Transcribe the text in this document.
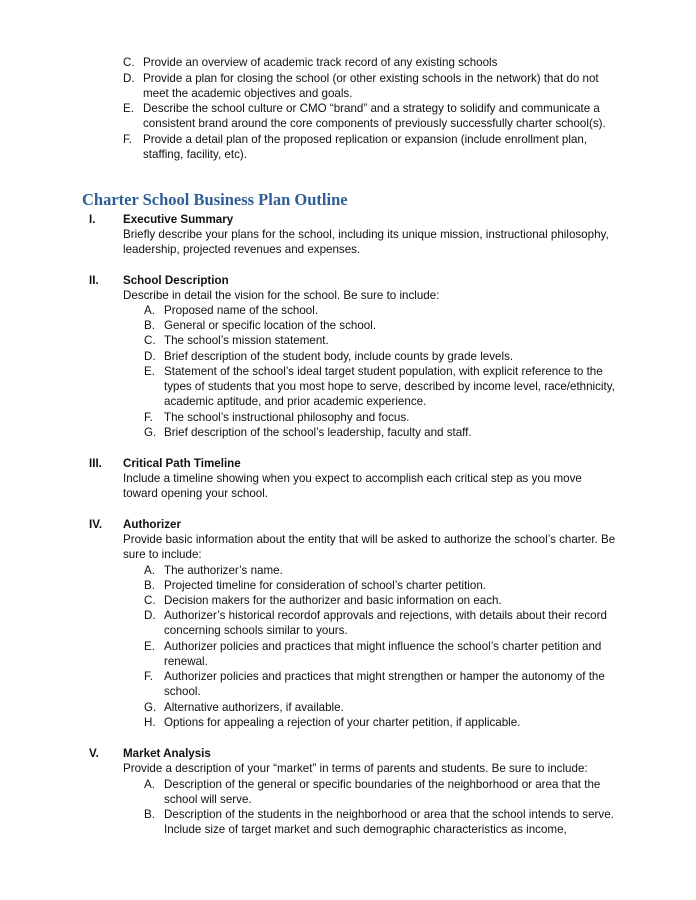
C. Provide an overview of academic track record of any existing schools
D. Provide a plan for closing the school (or other existing schools in the network) that do not meet the academic objectives and goals.
E. Describe the school culture or CMO “brand” and a strategy to solidify and communicate a consistent brand around the core components of previously successfully charter school(s).
F. Provide a detail plan of the proposed replication or expansion (include enrollment plan, staffing, facility, etc).
Charter School Business Plan Outline
I. Executive Summary
Briefly describe your plans for the school, including its unique mission, instructional philosophy, leadership, projected revenues and expenses.
II. School Description
Describe in detail the vision for the school. Be sure to include:
A. Proposed name of the school.
B. General or specific location of the school.
C. The school’s mission statement.
D. Brief description of the student body, include counts by grade levels.
E. Statement of the school’s ideal target student population, with explicit reference to the types of students that you most hope to serve, described by income level, race/ethnicity, academic aptitude, and prior academic experience.
F. The school’s instructional philosophy and focus.
G. Brief description of the school’s leadership, faculty and staff.
III. Critical Path Timeline
Include a timeline showing when you expect to accomplish each critical step as you move toward opening your school.
IV. Authorizer
Provide basic information about the entity that will be asked to authorize the school’s charter. Be sure to include:
A. The authorizer’s name.
B. Projected timeline for consideration of school’s charter petition.
C. Decision makers for the authorizer and basic information on each.
D. Authorizer’s historical recordof approvals and rejections, with details about their record concerning schools similar to yours.
E. Authorizer policies and practices that might influence the school’s charter petition and renewal.
F. Authorizer policies and practices that might strengthen or hamper the autonomy of the school.
G. Alternative authorizers, if available.
H. Options for appealing a rejection of your charter petition, if applicable.
V. Market Analysis
Provide a description of your “market” in terms of parents and students. Be sure to include:
A. Description of the general or specific boundaries of the neighborhood or area that the school will serve.
B. Description of the students in the neighborhood or area that the school intends to serve. Include size of target market and such demographic characteristics as income,
